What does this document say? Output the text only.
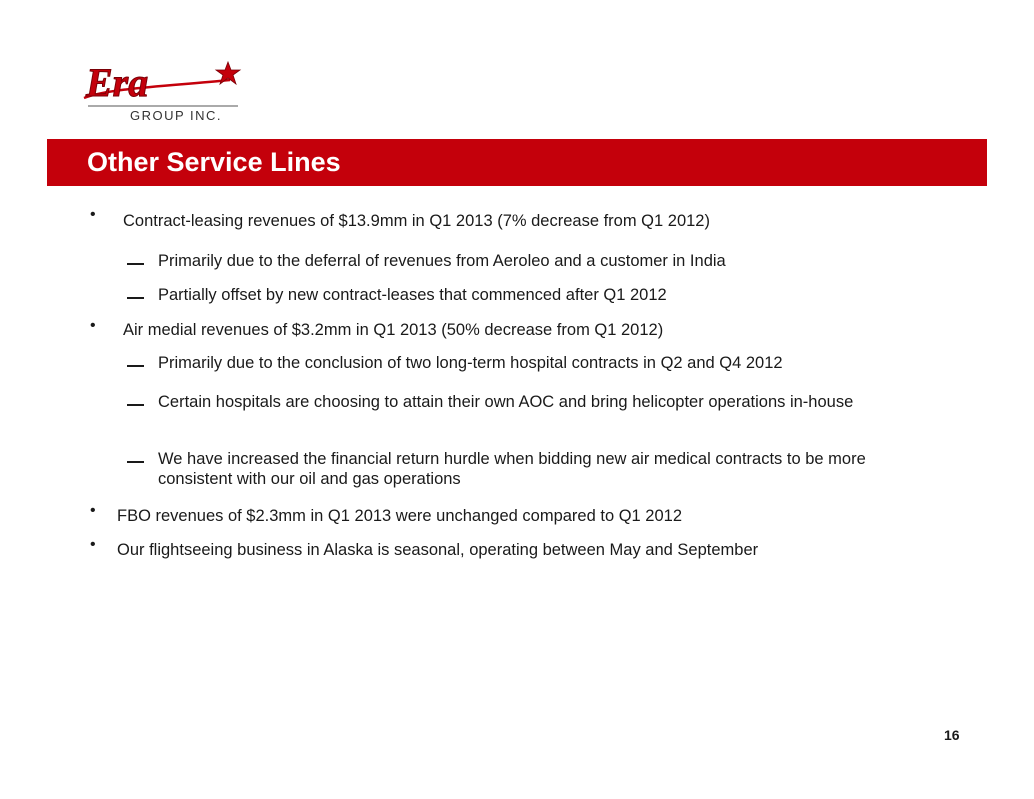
Era
GROUP INC.
Other Service Lines
• Contract-leasing revenues of $13.9mm in Q1 2013 (7% decrease from Q1 2012)
Primarily due to the deferral of revenues from Aeroleo and a customer in India
Partially offset by new contract-leases that commenced after Q1 2012
• Air medial revenues of $3.2mm in Q1 2013 (50% decrease from Q1 2012)
Primarily due to the conclusion of two long-term hospital contracts in Q2 and Q4 2012
Certain hospitals are choosing to attain their own AOC and bring helicopter operations in-house
We have increased the financial return hurdle when bidding new air medical contracts to be more consistent with our oil and gas operations
• FBO revenues of $2.3mm in Q1 2013 were unchanged compared to Q1 2012
• Our flightseeing business in Alaska is seasonal, operating between May and September
16
